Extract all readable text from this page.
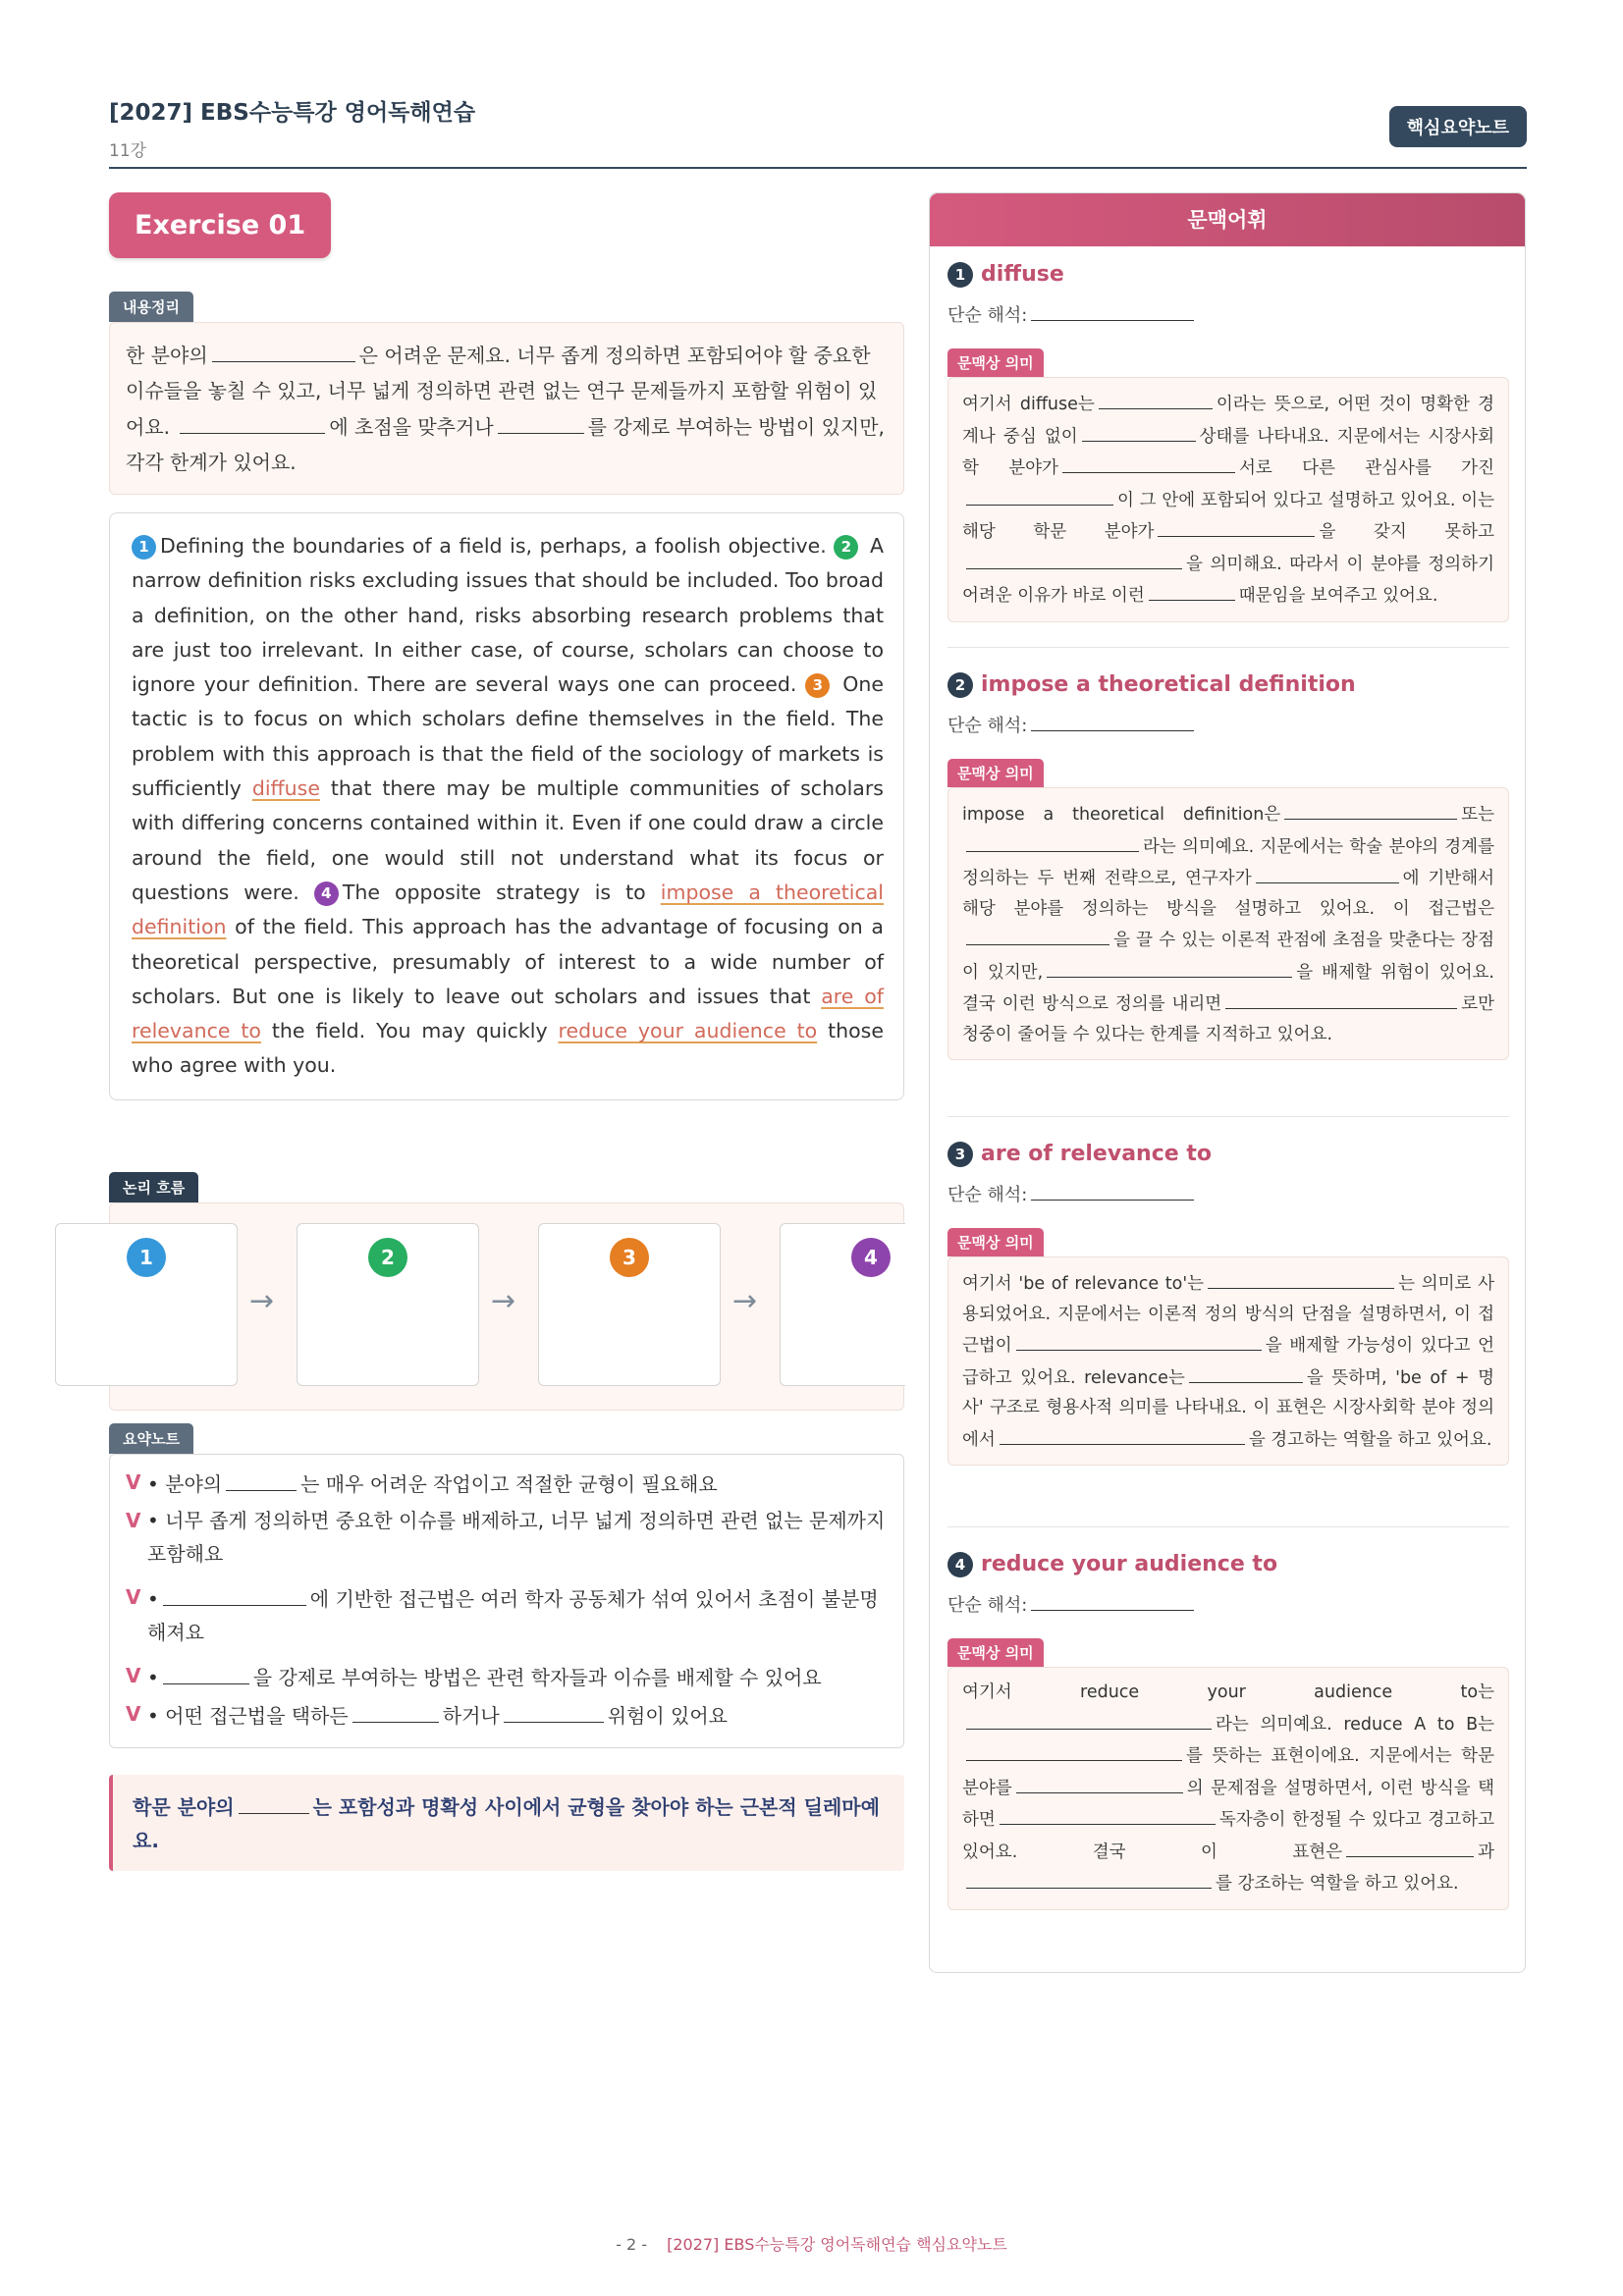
[2027] EBS수능특강 영어독해연습
11강
핵심요약노트
Exercise 01
내용정리
한 분야의	은 어려운 문제요. 너무 좁게 정의하면 포함되어야 할 중요한 이슈들을 놓칠 수 있고, 너무 넓게 정의하면 관련 없는 연구 문제들까지 포함할 위험이 있어요.	에 초점을 맞추거나	를 강제로 부여하는 방법이 있지만, 각각 한계가 있어요.
1 Defining the boundaries of a field is, perhaps, a foolish objective. 2 A narrow definition risks excluding issues that should be included. Too broad a definition, on the other hand, risks absorbing research problems that are just too irrelevant. In either case, of course, scholars can choose to ignore your definition. There are several ways one can proceed. 3 One tactic is to focus on which scholars define themselves in the field. The problem with this approach is that the field of the sociology of markets is sufficiently diffuse that there may be multiple communities of scholars with differing concerns contained within it. Even if one could draw a circle around the field, one would still not understand what its focus or questions were. 4 The opposite strategy is to impose a theoretical definition of the field. This approach has the advantage of focusing on a theoretical perspective, presumably of interest to a wide number of scholars. But one is likely to leave out scholars and issues that are of relevance to the field. You may quickly reduce your audience to those who agree with you.
논리 흐름
1
→
2
→
3
→
4
요약노트
V • 분야의	는 매우 어려운 작업이고 적절한 균형이 필요해요
V • 너무 좁게 정의하면 중요한 이슈를 배제하고, 너무 넓게 정의하면 관련 없는 문제까지 포함해요
V •	에 기반한 접근법은 여러 학자 공동체가 섞여 있어서 초점이 불분명해져요
V •	을 강제로 부여하는 방법은 관련 학자들과 이슈를 배제할 수 있어요
V • 어떤 접근법을 택하든	하거나	위험이 있어요
학문 분야의	는 포함성과 명확성 사이에서 균형을 찾아야 하는 근본적 딜레마예요.
문맥어휘
1 diffuse
단순 해석:
문맥상 의미
여기서 diffuse는	이라는 뜻으로, 어떤 것이 명확한 경계나 중심 없이	상태를 나타내요. 지문에서는 시장사회학 분야가	서로 다른 관심사를 가진이 그 안에 포함되어 있다고 설명하고 있어요. 이는 해당 학문 분야가	을 갖지 못하고을 의미해요. 따라서 이 분야를 정의하기 어려운 이유가 바로 이런	때문임을 보여주고 있어요.
2 impose a theoretical definition
단순 해석:
문맥상 의미
impose a theoretical definition은	또는라는 의미예요. 지문에서는 학술 분야의 경계를 정의하는 두 번째 전략으로, 연구자가	에 기반해서 해당 분야를 정의하는 방식을 설명하고 있어요. 이 접근법은을 끌 수 있는 이론적 관점에 초점을 맞춘다는 장점이 있지만,	을 배제할 위험이 있어요. 결국 이런 방식으로 정의를 내리면	로만 청중이 줄어들 수 있다는 한계를 지적하고 있어요.
3 are of relevance to
단순 해석:
문맥상 의미
여기서 'be of relevance to'는	는 의미로 사용되었어요. 지문에서는 이론적 정의 방식의 단점을 설명하면서, 이 접근법이	을 배제할 가능성이 있다고 언급하고 있어요. relevance는	을 뜻하며, 'be of + 명사' 구조로 형용사적 의미를 나타내요. 이 표현은 시장사회학 분야 정의에서	을 경고하는 역할을 하고 있어요.
4 reduce your audience to
단순 해석:
문맥상 의미
여기서 reduce your audience to는라는 의미예요. reduce A to B는를 뜻하는 표현이에요. 지문에서는 학문 분야를	의 문제점을 설명하면서, 이런 방식을 택하면	독자층이 한정될 수 있다고 경고하고 있어요. 결국 이 표현은	과를 강조하는 역할을 하고 있어요.
- 2 - [2027] EBS수능특강 영어독해연습 핵심요약노트
